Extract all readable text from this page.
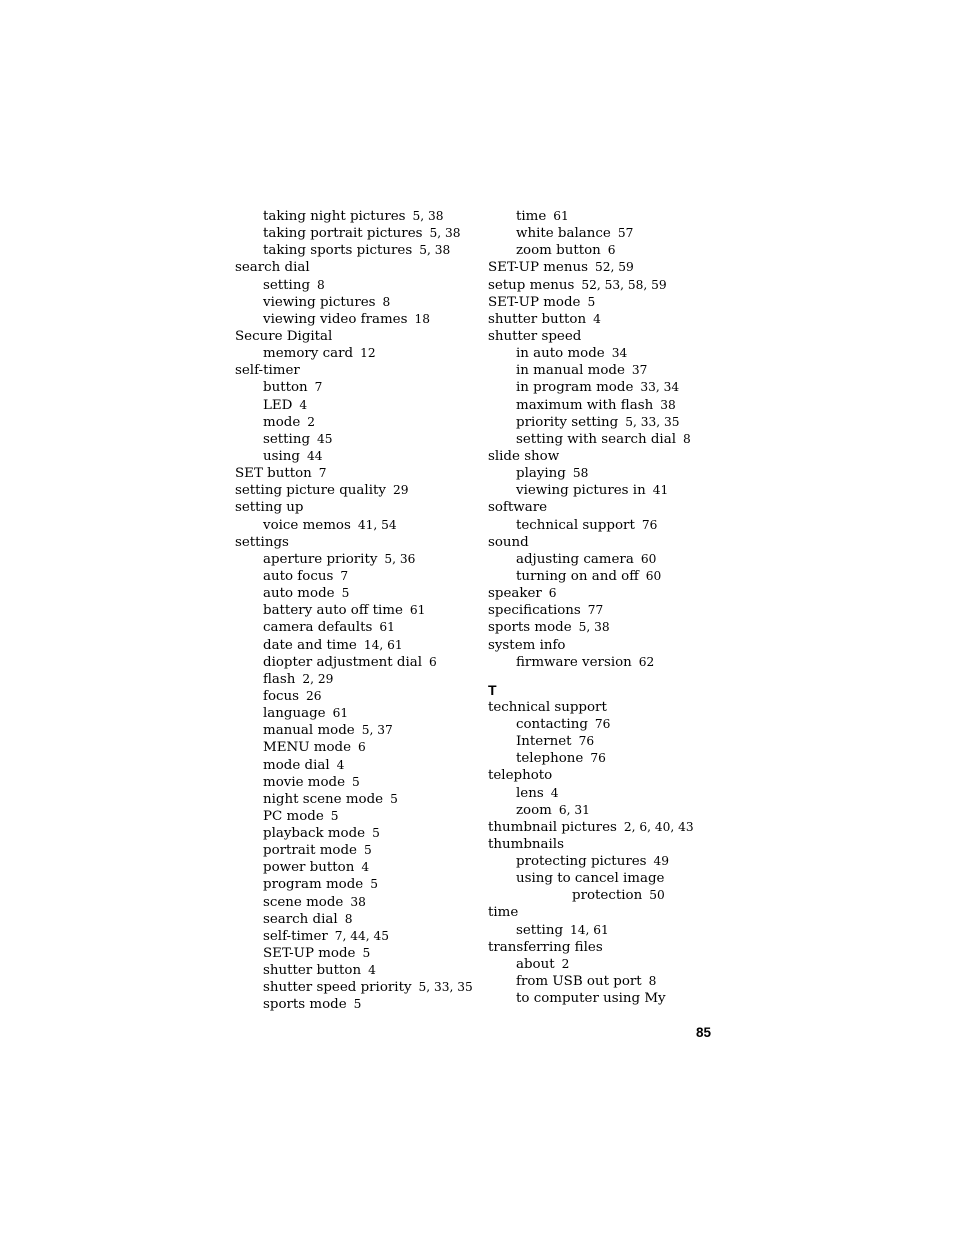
taking night pictures 5, 38
taking portrait pictures 5, 38
taking sports pictures 5, 38
search dial
setting 8
viewing pictures 8
viewing video frames 18
Secure Digital
memory card 12
self-timer
button 7
LED 4
mode 2
setting 45
using 44
SET button 7
setting picture quality 29
setting up
voice memos 41, 54
settings
aperture priority 5, 36
auto focus 7
auto mode 5
battery auto off time 61
camera defaults 61
date and time 14, 61
diopter adjustment dial 6
flash 2, 29
focus 26
language 61
manual mode 5, 37
MENU mode 6
mode dial 4
movie mode 5
night scene mode 5
PC mode 5
playback mode 5
portrait mode 5
power button 4
program mode 5
scene mode 38
search dial 8
self-timer 7, 44, 45
SET-UP mode 5
shutter button 4
shutter speed priority 5, 33, 35
sports mode 5
time 61
white balance 57
zoom button 6
SET-UP menus 52, 59
setup menus 52, 53, 58, 59
SET-UP mode 5
shutter button 4
shutter speed
in auto mode 34
in manual mode 37
in program mode 33, 34
maximum with flash 38
priority setting 5, 33, 35
setting with search dial 8
slide show
playing 58
viewing pictures in 41
software
technical support 76
sound
adjusting camera 60
turning on and off 60
speaker 6
specifications 77
sports mode 5, 38
system info
firmware version 62
T
technical support
contacting 76
Internet 76
telephone 76
telephoto
lens 4
zoom 6, 31
thumbnail pictures 2, 6, 40, 43
thumbnails
protecting pictures 49
using to cancel image
protection 50
time
setting 14, 61
transferring files
about 2
from USB out port 8
to computer using My
85
